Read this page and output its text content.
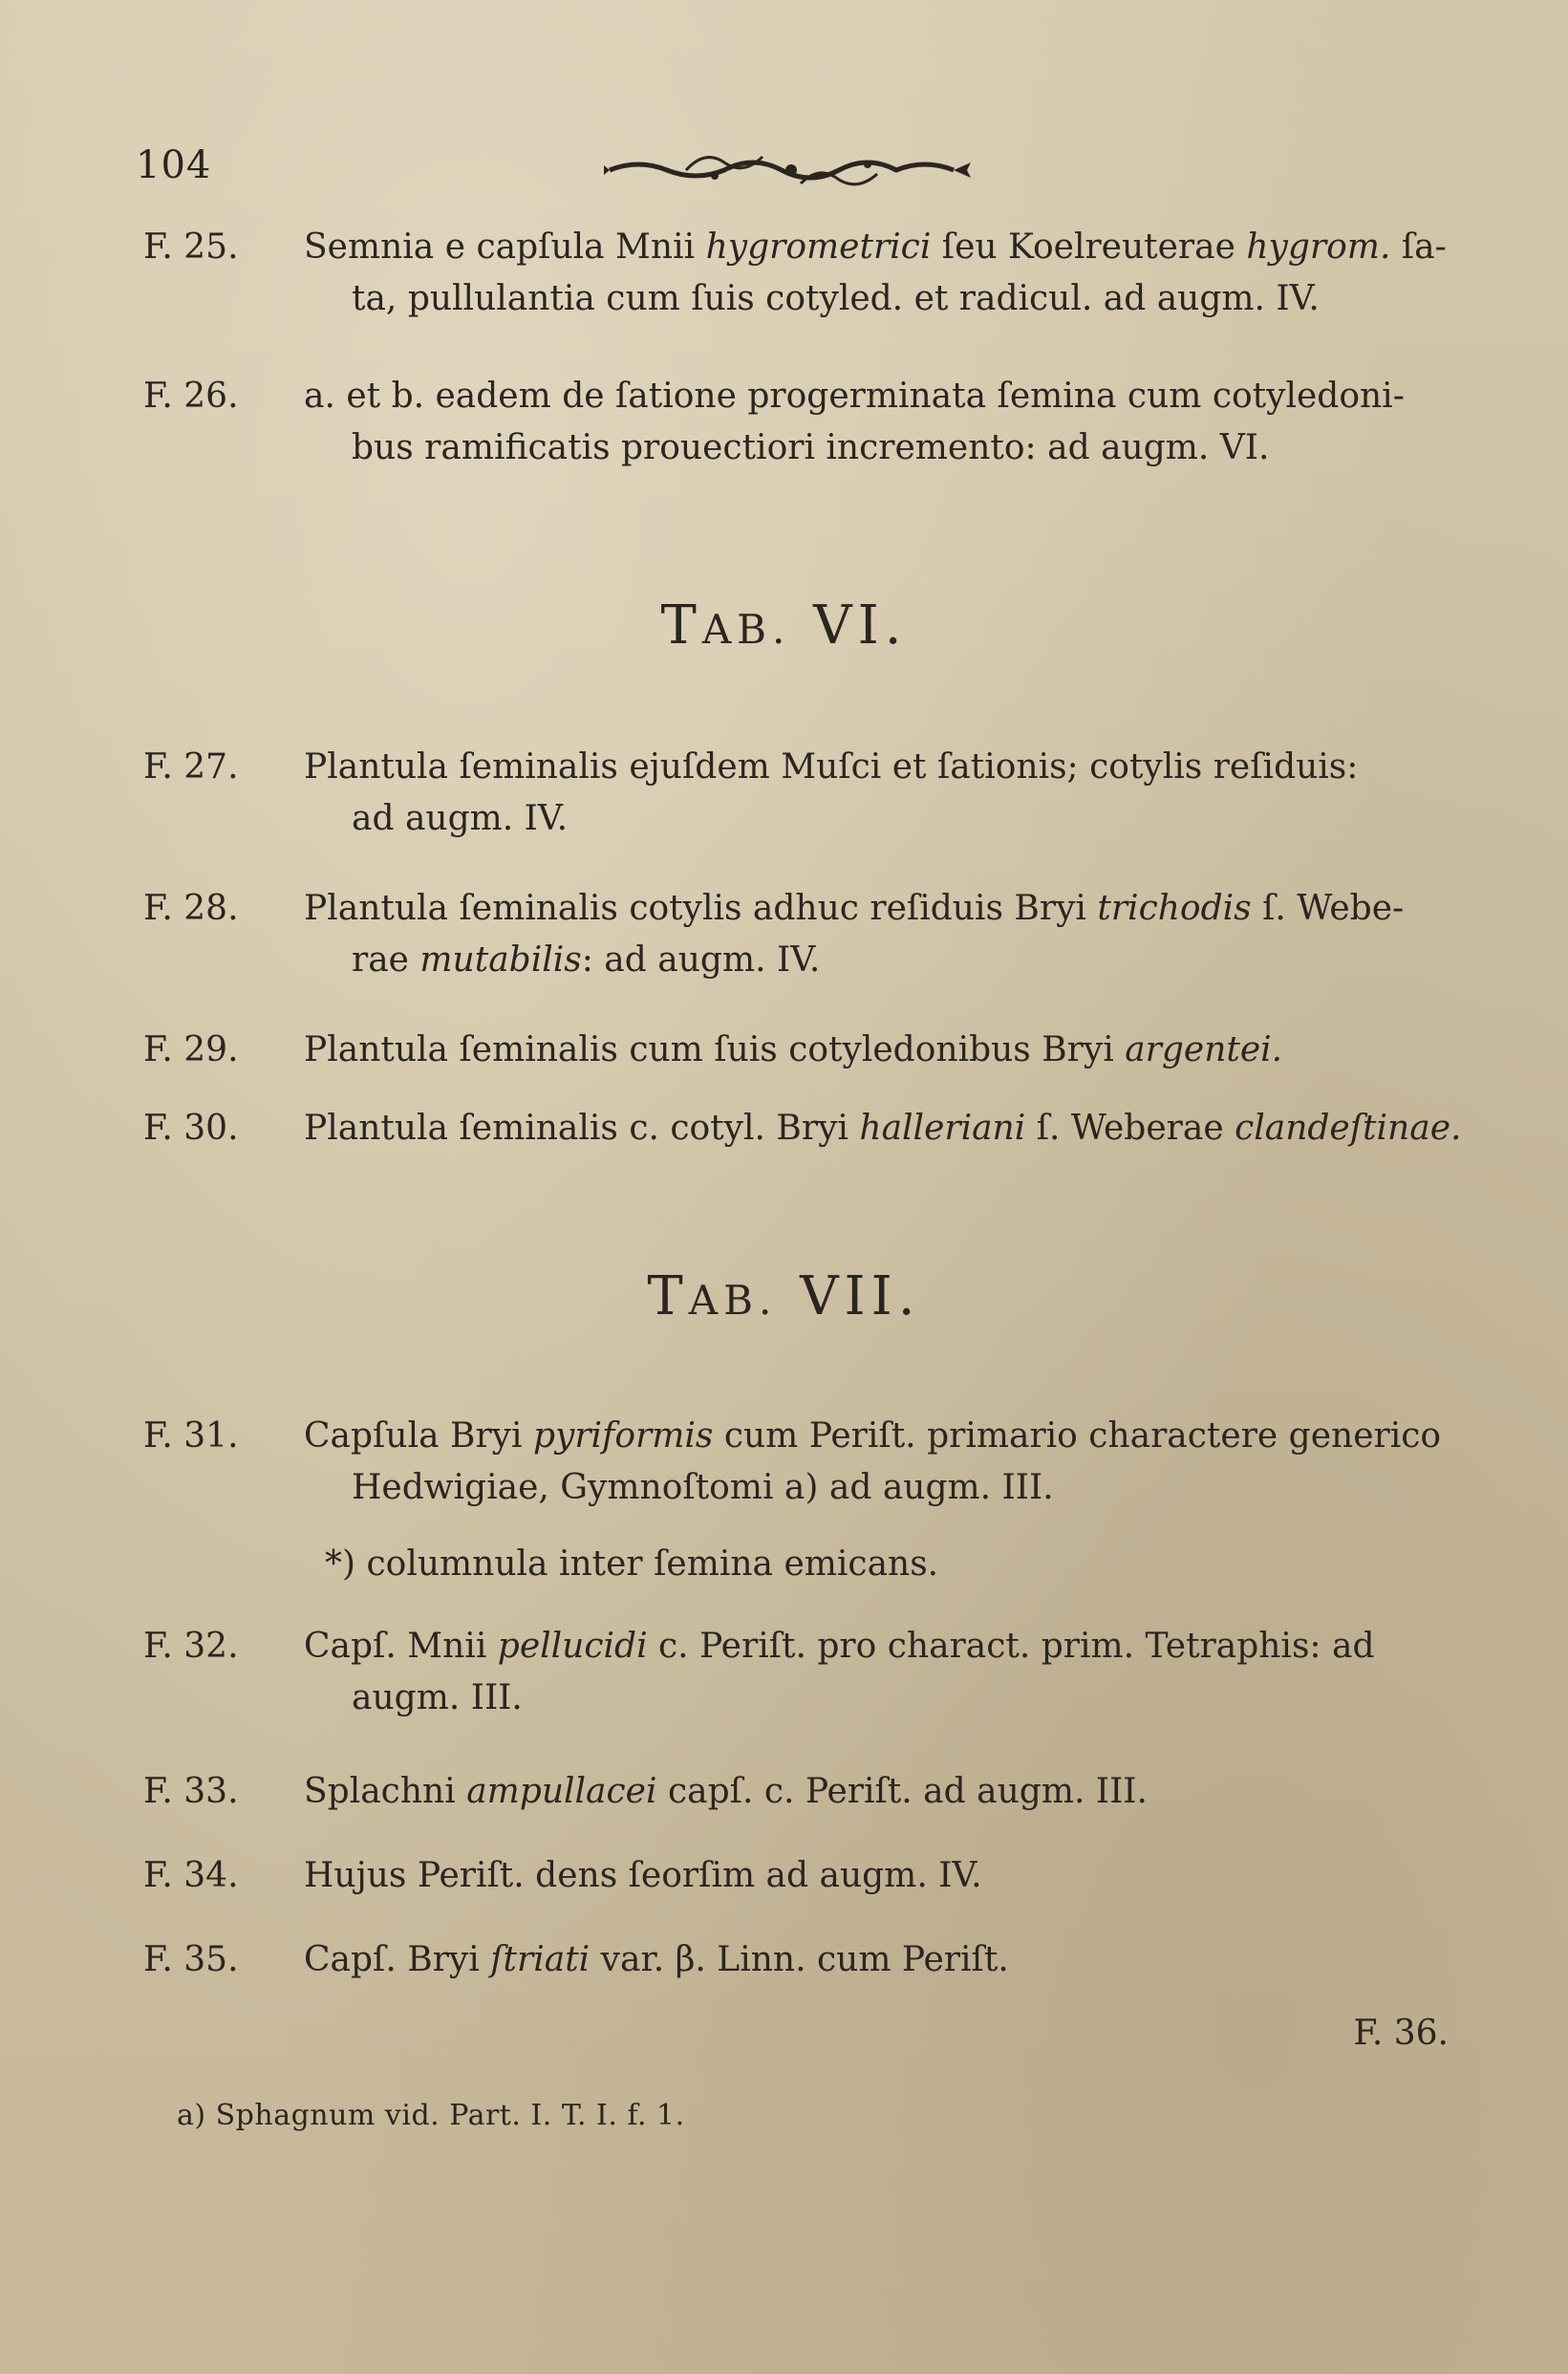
104
F. 25.	Semnia e capſula Mnii hygrometrici ſeu Koelreuterae hygrom. ſa-
ta, pullulantia cum ſuis cotyled. et radicul. ad augm. IV.
F. 26.	a. et b. eadem de ſatione progerminata ſemina cum cotyledoni-
bus ramificatis prouectiori incremento: ad augm. VI.
TAB. VI.
F. 27.	Plantula ſeminalis ejuſdem Muſci et ſationis; cotylis reſiduis:
ad augm. IV.
F. 28.	Plantula ſeminalis cotylis adhuc reſiduis Bryi trichodis ſ. Webe-
rae mutabilis: ad augm. IV.
F. 29.	Plantula ſeminalis cum ſuis cotyledonibus Bryi argentei.
F. 30.	Plantula ſeminalis c. cotyl. Bryi halleriani ſ. Weberae clandeſtinae.
TAB. VII.
F. 31.	Capſula Bryi pyriformis cum Periſt. primario charactere generico
Hedwigiae, Gymnoſtomi a) ad augm. III.
*) columnula inter ſemina emicans.
F. 32.	Capſ. Mnii pellucidi c. Periſt. pro charact. prim. Tetraphis: ad
augm. III.
F. 33.	Splachni ampullacei capſ. c. Periſt. ad augm. III.
F. 34.	Hujus Periſt. dens ſeorſim ad augm. IV.
F. 35.	Capſ. Bryi ſtriati var. β. Linn. cum Periſt.
F. 36.
a) Sphagnum vid. Part. I. T. I. f. 1.
